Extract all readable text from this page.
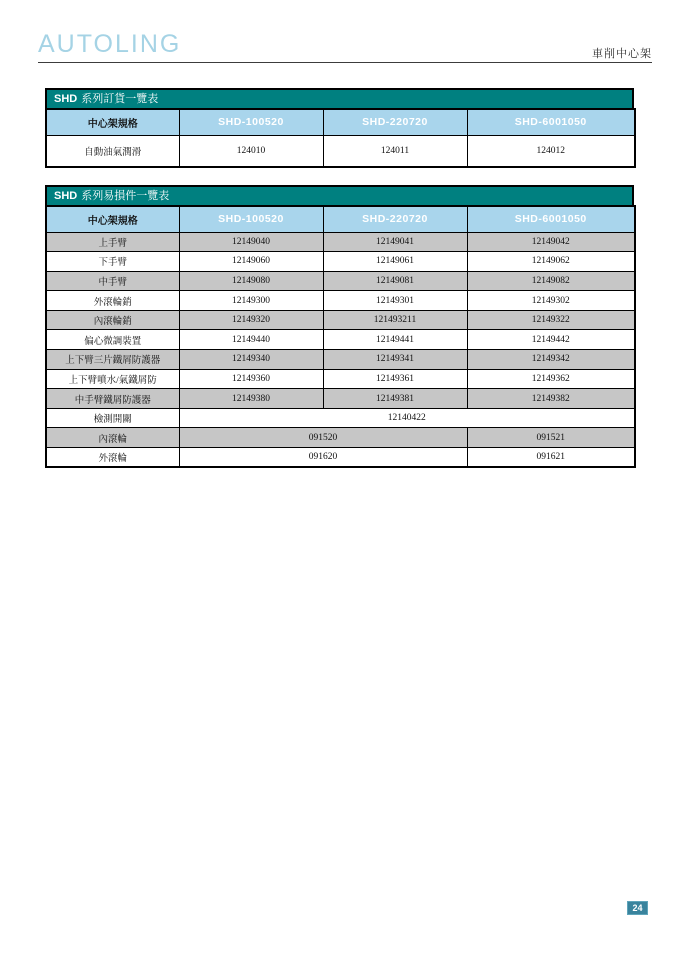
AUTOLING	車削中心架
SHD 系列訂貨一覽表
中心架規格	SHD-100520	SHD-220720	SHD-6001050
自動油氣潤滑	124010	124011	124012
SHD 系列易損件一覽表
中心架規格	SHD-100520	SHD-220720	SHD-6001050
上手臂	12149040	12149041	12149042
下手臂	12149060	12149061	12149062
中手臂	12149080	12149081	12149082
外滾輪銷	12149300	12149301	12149302
內滾輪銷	12149320	121493211	12149322
偏心微調裝置	12149440	12149441	12149442
上下臂三片鐵屑防護器	12149340	12149341	12149342
上下臂噴水/氣鐵屑防	12149360	12149361	12149362
中手臂鐵屑防護器	12149380	12149381	12149382
檢測開關	12140422		
內滾輪	091520		091521
外滾輪	091620		091621
24
